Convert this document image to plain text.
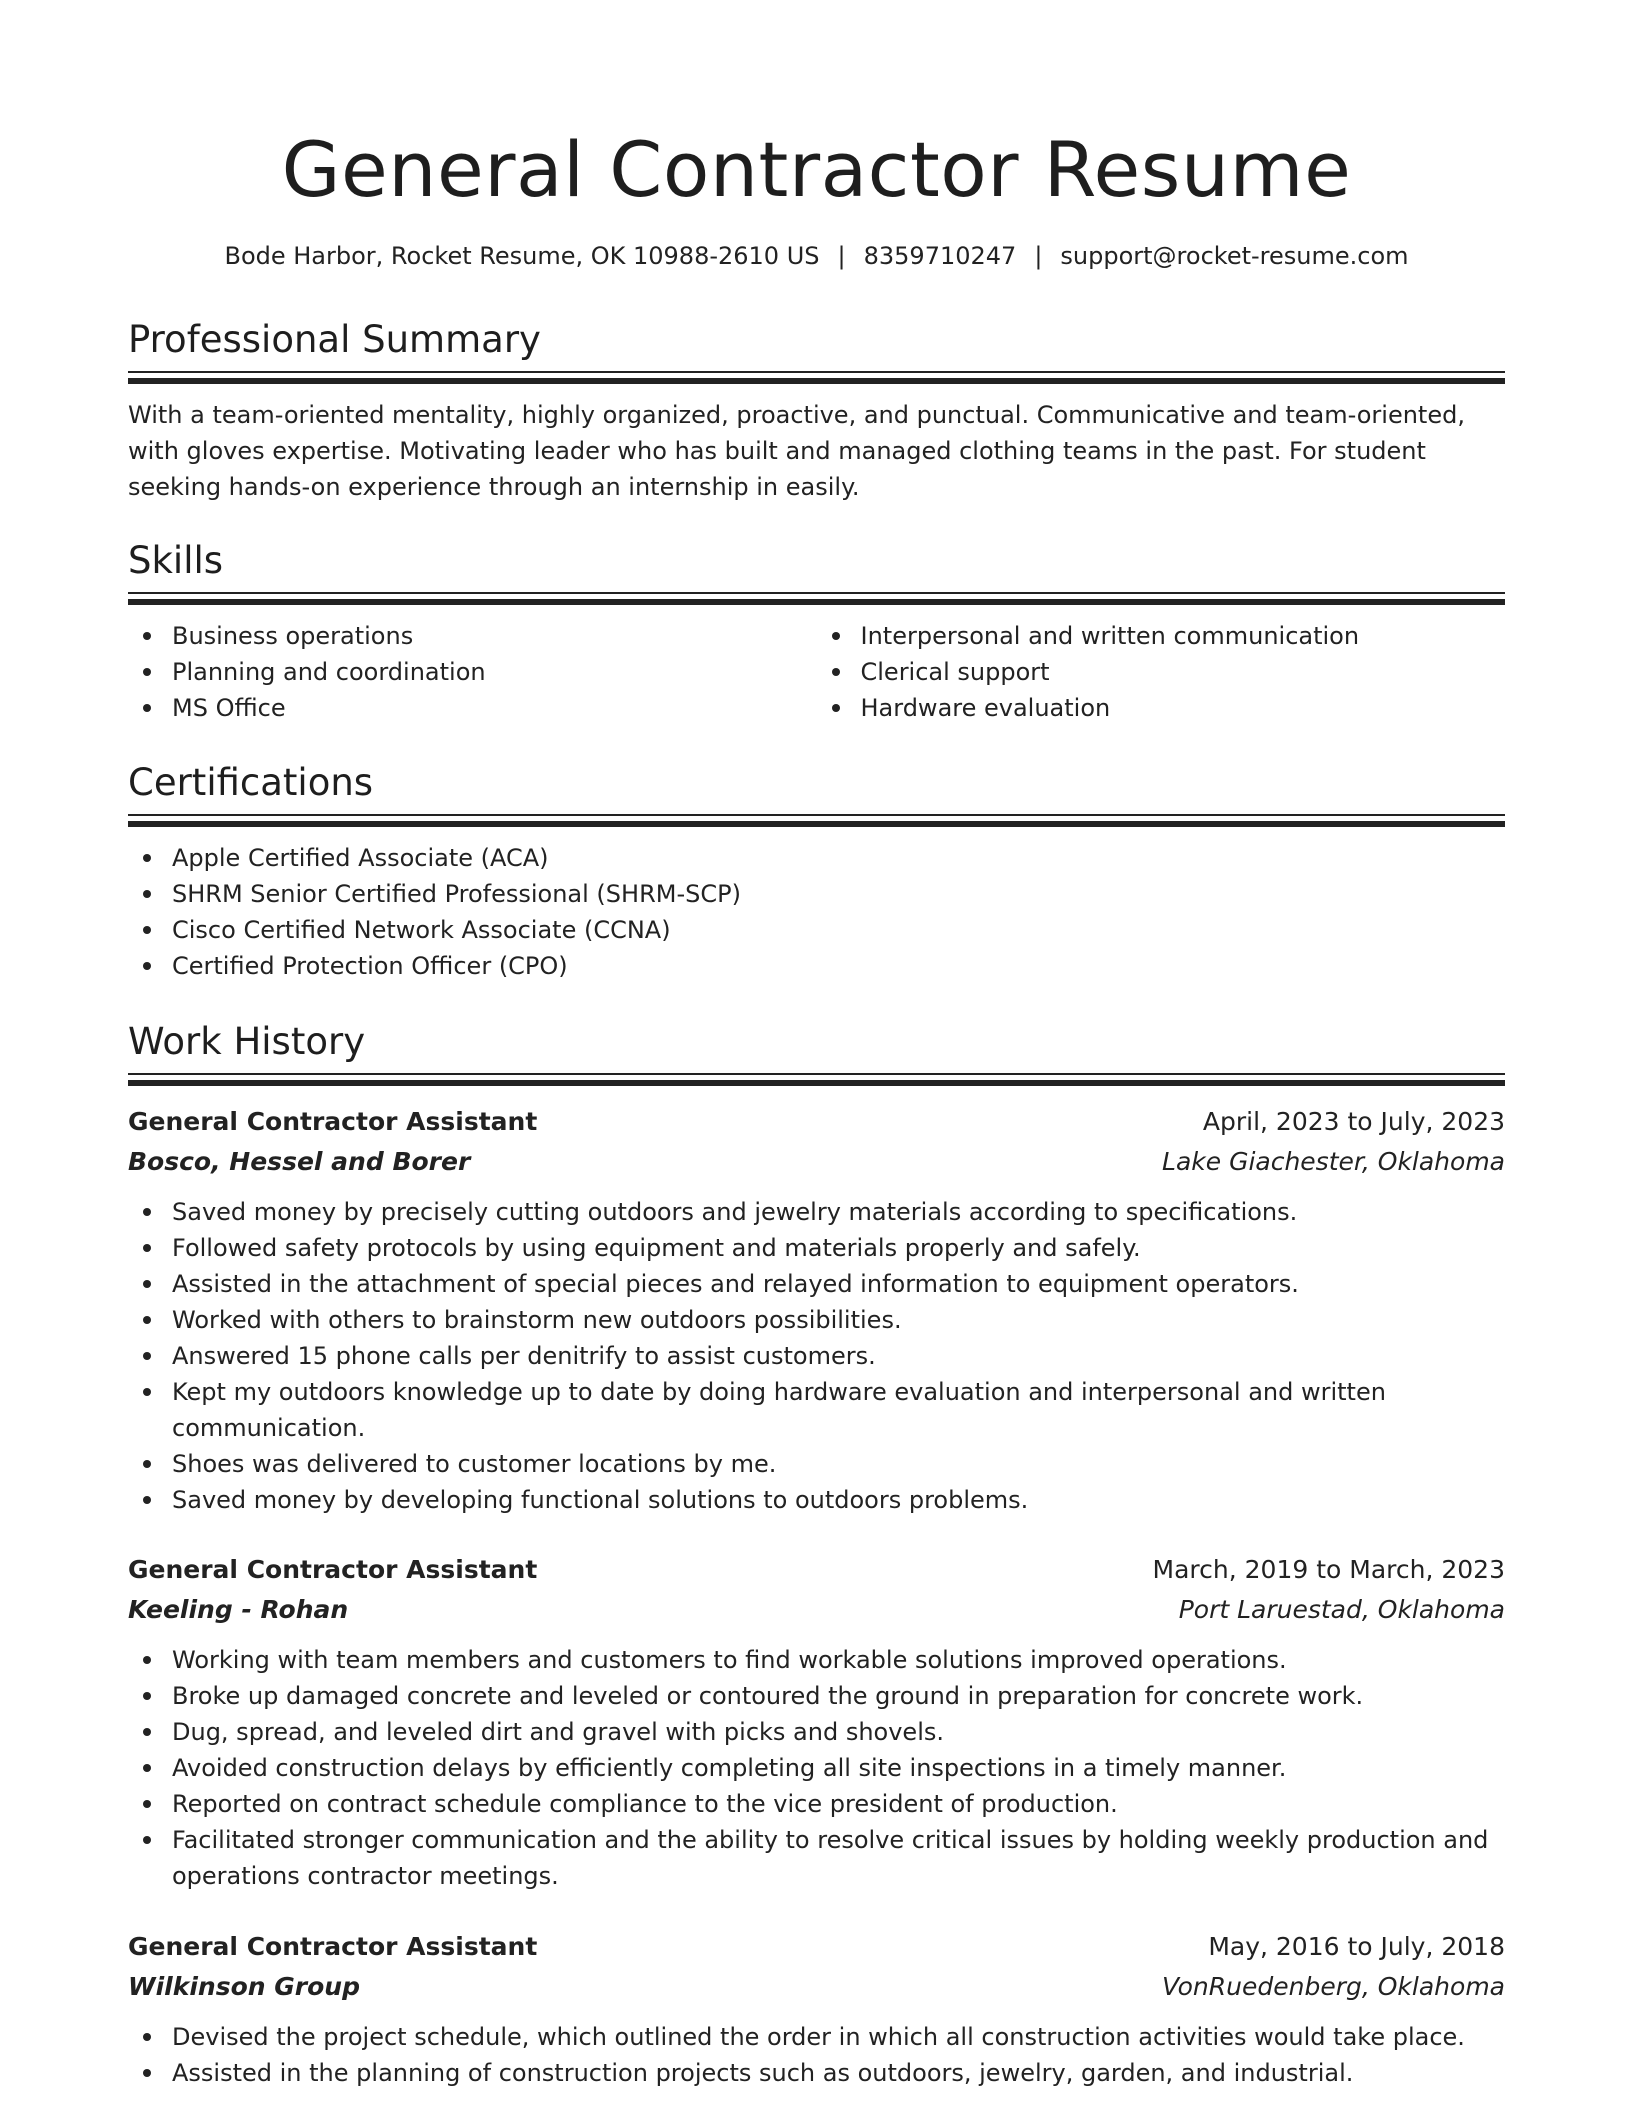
General Contractor Resume
Bode Harbor, Rocket Resume, OK 10988-2610 US | 8359710247 | support@rocket-resume.com
Professional Summary

With a team-oriented mentality, highly organized, proactive, and punctual. Communicative and team-oriented, with gloves expertise. Motivating leader who has built and managed clothing teams in the past. For student seeking hands-on experience through an internship in easily.

Skills
Business operations
Planning and coordination
MS Office
Interpersonal and written communication
Clerical support
Hardware evaluation
Certifications
Apple Certified Associate (ACA)
SHRM Senior Certified Professional (SHRM-SCP)
Cisco Certified Network Associate (CCNA)
Certified Protection Officer (CPO)
Work History
General Contractor Assistant	April, 2023 to July, 2023
Bosco, Hessel and Borer	Lake Giachester, Oklahoma
Saved money by precisely cutting outdoors and jewelry materials according to specifications.
Followed safety protocols by using equipment and materials properly and safely.
Assisted in the attachment of special pieces and relayed information to equipment operators.
Worked with others to brainstorm new outdoors possibilities.
Answered 15 phone calls per denitrify to assist customers.
Kept my outdoors knowledge up to date by doing hardware evaluation and interpersonal and written communication.
Shoes was delivered to customer locations by me.
Saved money by developing functional solutions to outdoors problems.
General Contractor Assistant	March, 2019 to March, 2023
Keeling - Rohan	Port Laruestad, Oklahoma
Working with team members and customers to find workable solutions improved operations.
Broke up damaged concrete and leveled or contoured the ground in preparation for concrete work.
Dug, spread, and leveled dirt and gravel with picks and shovels.
Avoided construction delays by efficiently completing all site inspections in a timely manner.
Reported on contract schedule compliance to the vice president of production.
Facilitated stronger communication and the ability to resolve critical issues by holding weekly production and operations contractor meetings.
General Contractor Assistant	May, 2016 to July, 2018
Wilkinson Group	VonRuedenberg, Oklahoma
Devised the project schedule, which outlined the order in which all construction activities would take place.
Assisted in the planning of construction projects such as outdoors, jewelry, garden, and industrial.
